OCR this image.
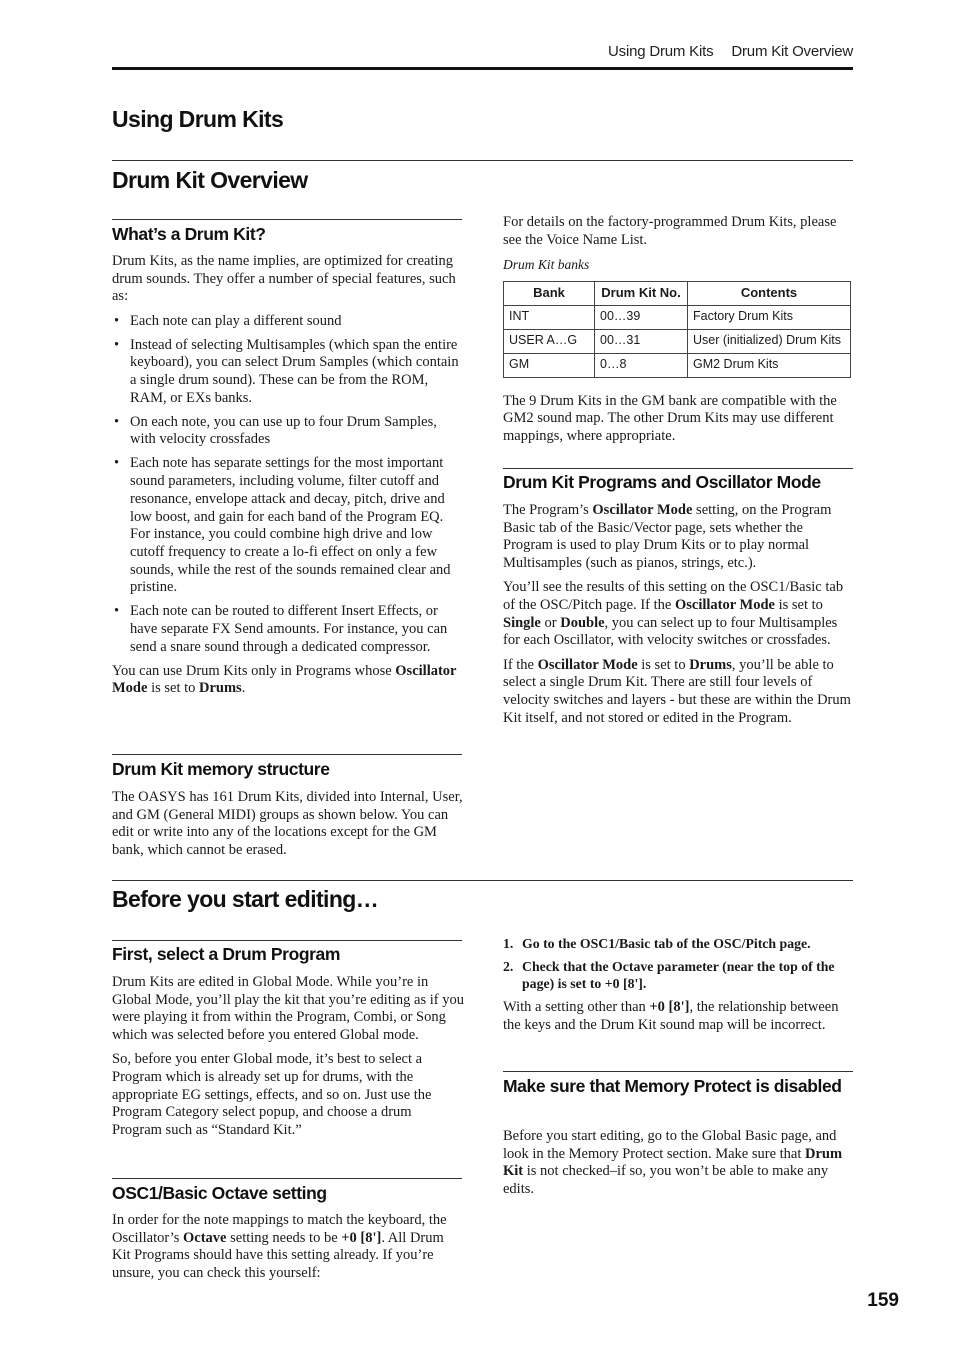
Using Drum Kits Drum Kit Overview
Using Drum Kits
Drum Kit Overview
What’s a Drum Kit?

Drum Kits, as the name implies, are optimized for creating drum sounds. They offer a number of special features, such as:

• Each note can play a different sound
• Instead of selecting Multisamples (which span the entire keyboard), you can select Drum Samples (which contain a single drum sound). These can be from the ROM, RAM, or EXs banks.
• On each note, you can use up to four Drum Samples, with velocity crossfades
• Each note has separate settings for the most important sound parameters, including volume, filter cutoff and resonance, envelope attack and decay, pitch, drive and low boost, and gain for each band of the Program EQ.
For instance, you could combine high drive and low cutoff frequency to create a lo-fi effect on only a few sounds, while the rest of the sounds remained clear and pristine.
• Each note can be routed to different Insert Effects, or have separate FX Send amounts. For instance, you can send a snare sound through a dedicated compressor.

You can use Drum Kits only in Programs whose Oscillator Mode is set to Drums.

Drum Kit memory structure

The OASYS has 161 Drum Kits, divided into Internal, User, and GM (General MIDI) groups as shown below. You can edit or write into any of the locations except for the GM bank, which cannot be erased.

For details on the factory-programmed Drum Kits, please see the Voice Name List.

Drum Kit banks
Bank	Drum Kit No.	Contents
INT	00…39	Factory Drum Kits
USER A…G	00…31	User (initialized) Drum Kits
GM	0…8	GM2 Drum Kits

The 9 Drum Kits in the GM bank are compatible with the GM2 sound map. The other Drum Kits may use different mappings, where appropriate.

Drum Kit Programs and Oscillator Mode

The Program’s Oscillator Mode setting, on the Program Basic tab of the Basic/Vector page, sets whether the Program is used to play Drum Kits or to play normal Multisamples (such as pianos, strings, etc.).

You’ll see the results of this setting on the OSC1/Basic tab of the OSC/Pitch page. If the Oscillator Mode is set to Single or Double, you can select up to four Multisamples for each Oscillator, with velocity switches or crossfades.

If the Oscillator Mode is set to Drums, you’ll be able to select a single Drum Kit. There are still four levels of velocity switches and layers - but these are within the Drum Kit itself, and not stored or edited in the Program.

Before you start editing…
First, select a Drum Program

Drum Kits are edited in Global Mode. While you’re in Global Mode, you’ll play the kit that you’re editing as if you were playing it from within the Program, Combi, or Song which was selected before you entered Global mode.

So, before you enter Global mode, it’s best to select a Program which is already set up for drums, with the appropriate EG settings, effects, and so on. Just use the Program Category select popup, and choose a drum Program such as “Standard Kit.”

OSC1/Basic Octave setting

In order for the note mappings to match the keyboard, the Oscillator’s Octave setting needs to be +0 [8']. All Drum Kit Programs should have this setting already. If you’re unsure, you can check this yourself:

1. Go to the OSC1/Basic tab of the OSC/Pitch page.
2. Check that the Octave parameter (near the top of the page) is set to +0 [8'].

With a setting other than +0 [8'], the relationship between the keys and the Drum Kit sound map will be incorrect.

Make sure that Memory Protect is disabled

Before you start editing, go to the Global Basic page, and look in the Memory Protect section. Make sure that Drum Kit is not checked–if so, you won’t be able to make any edits.

159
